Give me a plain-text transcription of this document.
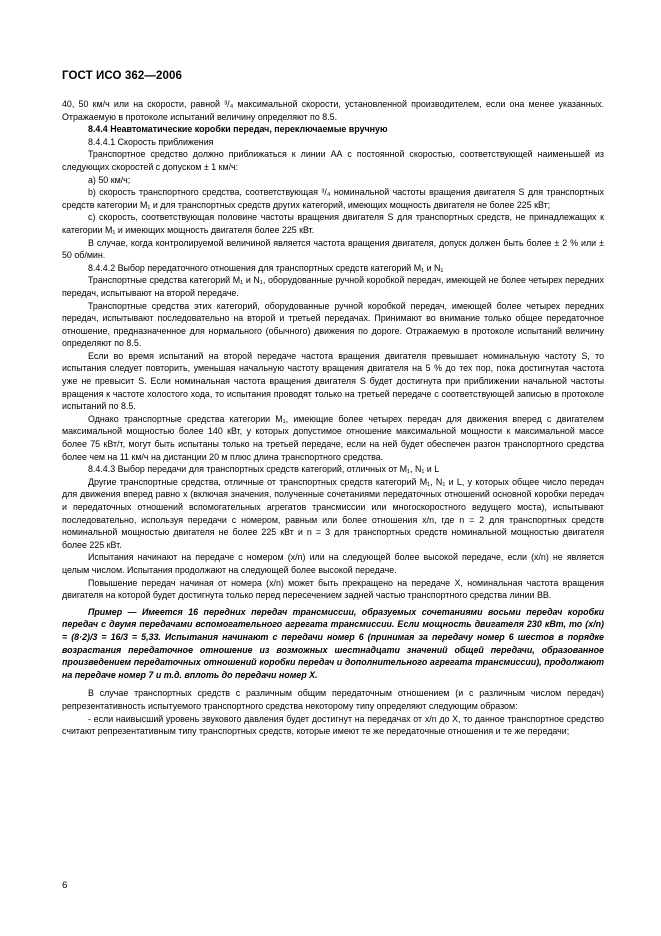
ГОСТ ИСО 362—2006

40, 50 км/ч или на скорости, равной ³/₄ максимальной скорости, установленной производителем, если она менее указанных. Отражаемую в протоколе испытаний величину определяют по 8.5.

8.4.4 Неавтоматические коробки передач, переключаемые вручную

8.4.4.1 Скорость приближения

Транспортное средство должно приближаться к линии АА с постоянной скоростью, соответствующей наименьшей из следующих скоростей с допуском ± 1 км/ч:

a) 50 км/ч;

b) скорость транспортного средства, соответствующая ³/₄ номинальной частоты вращения двигателя S для транспортных средств категории M₁ и для транспортных средств других категорий, имеющих мощность двигателя не более 225 кВт;

c) скорость, соответствующая половине частоты вращения двигателя S для транспортных средств, не принадлежащих к категории M₁ и имеющих мощность двигателя более 225 кВт.

В случае, когда контролируемой величиной является частота вращения двигателя, допуск должен быть более ± 2 % или ± 50 об/мин.

8.4.4.2 Выбор передаточного отношения для транспортных средств категорий M₁ и N₁

Транспортные средства категорий M₁ и N₁, оборудованные ручной коробкой передач, имеющей не более четырех передних передач, испытывают на второй передаче.

Транспортные средства этих категорий, оборудованные ручной коробкой передач, имеющей более четырех передних передач, испытывают последовательно на второй и третьей передачах. Принимают во внимание только общее передаточное отношение, предназначенное для нормального (обычного) движения по дороге. Отражаемую в протоколе испытаний величину определяют по 8.5.

Если во время испытаний на второй передаче частота вращения двигателя превышает номинальную частоту S, то испытания следует повторить, уменьшая начальную частоту вращения двигателя на 5 % до тех пор, пока достигнутая частота уже не превысит S. Если номинальная частота вращения двигателя S будет достигнута при приближении начальной частоты вращения к частоте холостого хода, то испытания проводят только на третьей передаче с соответствующей записью в протоколе испытаний по 8.5.

Однако транспортные средства категории M₁, имеющие более четырех передач для движения вперед с двигателем максимальной мощностью более 140 кВт, у которых допустимое отношение максимальной мощности к максимальной массе более 75 кВт/т, могут быть испытаны только на третьей передаче, если на ней будет обеспечен разгон транспортного средства более чем на 11 км/ч на дистанции 20 м плюс длина транспортного средства.

8.4.4.3 Выбор передачи для транспортных средств категорий, отличных от M₁, N₁ и L

Другие транспортные средства, отличные от транспортных средств категорий M₁, N₁ и L, у которых общее число передач для движения вперед равно x (включая значения, полученные сочетаниями передаточных отношений основной коробки передач и передаточных отношений вспомогательных агрегатов трансмиссии или многоскоростного ведущего моста), испытывают последовательно, используя передачи с номером, равным или более отношения x/n, где n = 2 для транспортных средств номинальной мощностью двигателя не более 225 кВт и n = 3 для транспортных средств номинальной мощностью двигателя более 225 кВт.

Испытания начинают на передаче с номером (x/n) или на следующей более высокой передаче, если (x/n) не является целым числом. Испытания продолжают на следующей более высокой передаче.

Повышение передач начиная от номера (x/n) может быть прекращено на передаче X, номинальная частота вращения двигателя на которой будет достигнута только перед пересечением задней частью транспортного средства линии ВВ.

Пример — Имеется 16 передних передач трансмиссии, образуемых сочетаниями восьми передач коробки передач с двумя передачами вспомогательного агрегата трансмиссии. Если мощность двигателя 230 кВт, то (x/n) = (8·2)/3 = 16/3 = 5,33. Испытания начинают с передачи номер 6 (принимая за передачу номер 6 шестов в порядке возрастания передаточное отношение из возможных шестнадцати значений общей передачи, образованное произведением передаточных отношений коробки передач и дополнительного агрегата трансмиссии), продолжают на передаче номер 7 и т.д. вплоть до передачи номер X.

В случае транспортных средств с различным общим передаточным отношением (и с различным числом передач) репрезентативность испытуемого транспортного средства некоторому типу определяют следующим образом:

- если наивысший уровень звукового давления будет достигнут на передачах от x/n до X, то данное транспортное средство считают репрезентативным типу транспортных средств, которые имеют те же передаточные отношения и те же передачи;

6
